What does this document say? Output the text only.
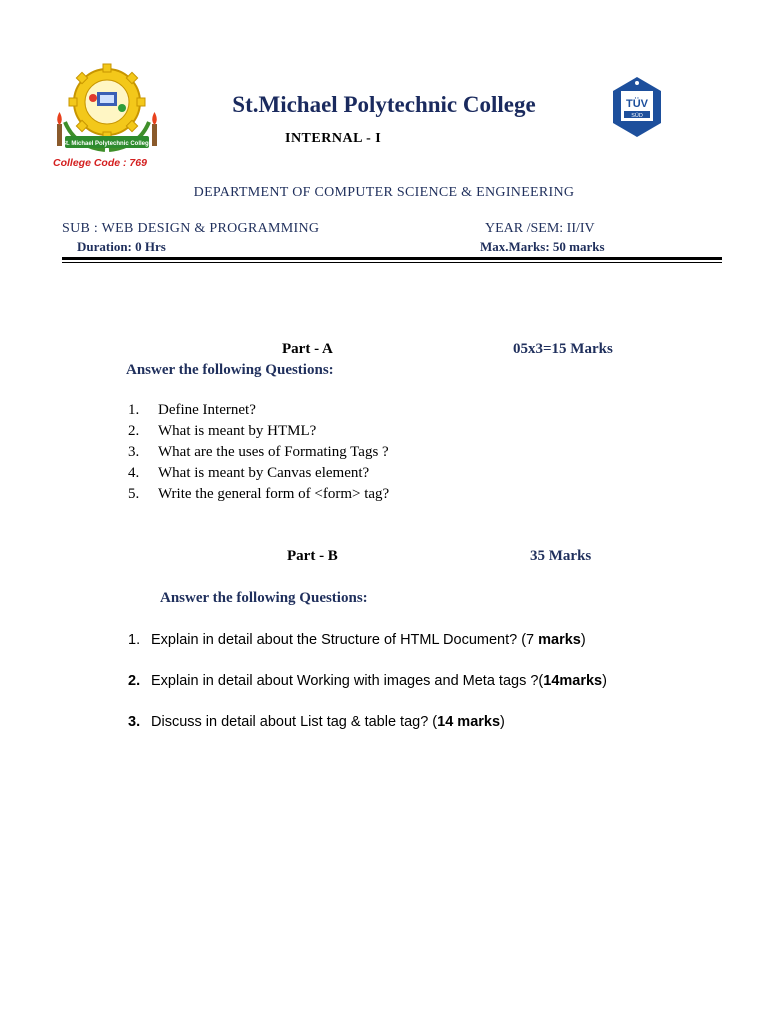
St. Michael Polytechnic College
College Code : 769
St.Michael Polytechnic College
INTERNAL - I
TÜV
SÜD
DEPARTMENT OF COMPUTER SCIENCE & ENGINEERING
SUB : WEB DESIGN & PROGRAMMING	YEAR /SEM: II/IV
Duration: 0 Hrs	Max.Marks: 50 marks
Part - A	05x3=15 Marks
Answer the following Questions:
1. Define Internet?
2. What is meant by HTML?
3. What are the uses of Formating Tags ?
4. What is meant by Canvas element?
5. Write the general form of <form> tag?
Part - B	35 Marks
Answer the following Questions:
1. Explain in detail about the Structure of HTML Document? (7 marks)
2. Explain in detail about Working with images and Meta tags ?(14marks)
3. Discuss in detail about List tag & table tag? (14 marks)
